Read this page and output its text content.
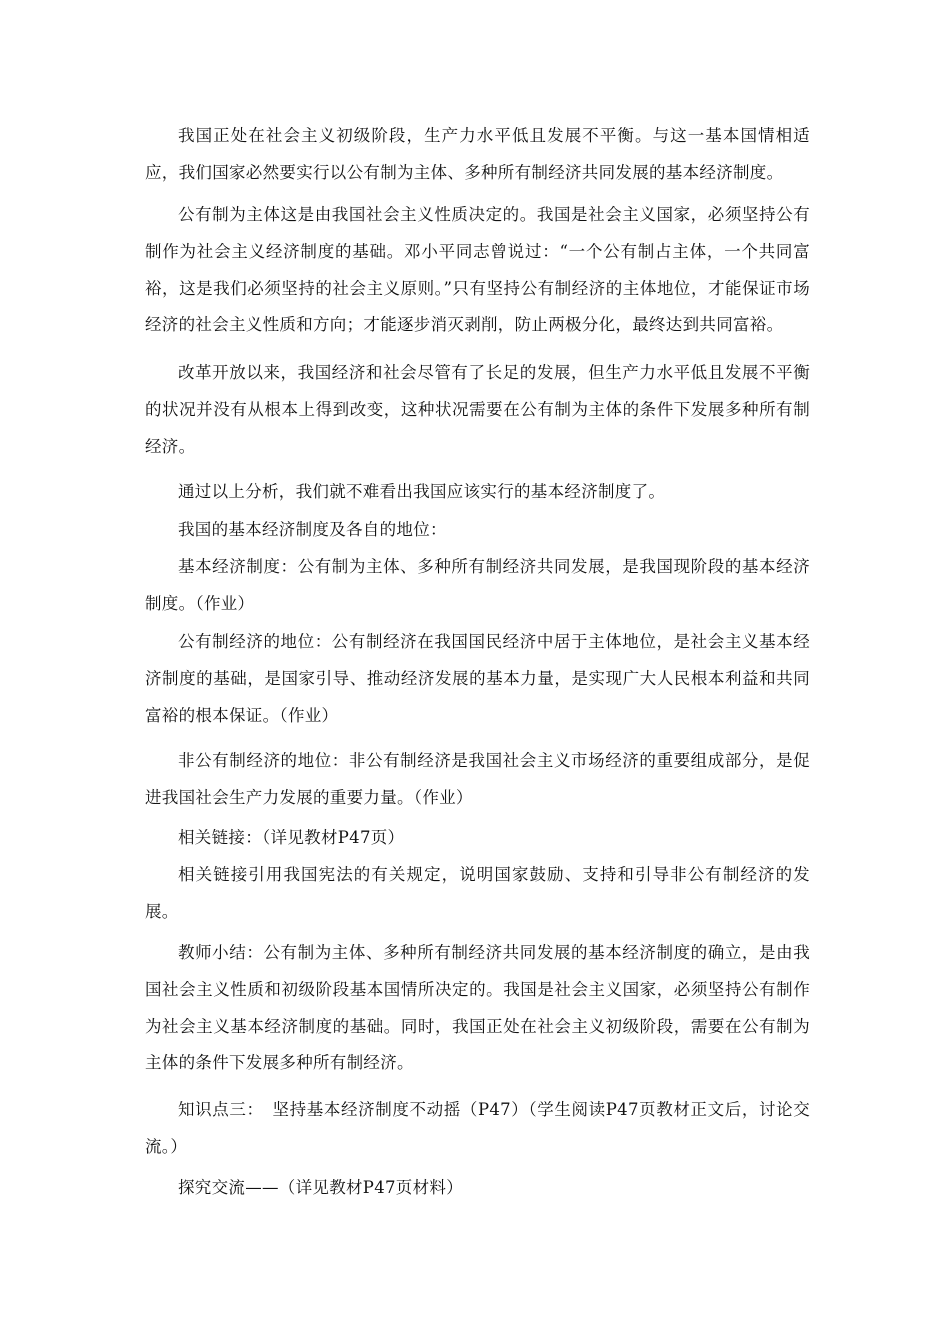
我国正处在社会主义初级阶段，生产力水平低且发展不平衡。与这一基本国情相适应，我们国家必然要实行以公有制为主体、多种所有制经济共同发展的基本经济制度。

公有制为主体这是由我国社会主义性质决定的。我国是社会主义国家，必须坚持公有制作为社会主义经济制度的基础。邓小平同志曾说过：“一个公有制占主体，一个共同富裕，这是我们必须坚持的社会主义原则。”只有坚持公有制经济的主体地位，才能保证市场经济的社会主义性质和方向；才能逐步消灭剥削，防止两极分化，最终达到共同富裕。

改革开放以来，我国经济和社会尽管有了长足的发展，但生产力水平低且发展不平衡的状况并没有从根本上得到改变，这种状况需要在公有制为主体的条件下发展多种所有制经济。

通过以上分析，我们就不难看出我国应该实行的基本经济制度了。

我国的基本经济制度及各自的地位：

基本经济制度：公有制为主体、多种所有制经济共同发展，是我国现阶段的基本经济制度。（作业）

公有制经济的地位：公有制经济在我国国民经济中居于主体地位，是社会主义基本经济制度的基础，是国家引导、推动经济发展的基本力量，是实现广大人民根本利益和共同富裕的根本保证。（作业）

非公有制经济的地位：非公有制经济是我国社会主义市场经济的重要组成部分，是促进我国社会生产力发展的重要力量。（作业）

相关链接：（详见教材P47页）

相关链接引用我国宪法的有关规定，说明国家鼓励、支持和引导非公有制经济的发展。

教师小结：公有制为主体、多种所有制经济共同发展的基本经济制度的确立，是由我国社会主义性质和初级阶段基本国情所决定的。我国是社会主义国家，必须坚持公有制作为社会主义基本经济制度的基础。同时，我国正处在社会主义初级阶段，需要在公有制为主体的条件下发展多种所有制经济。

知识点三：　坚持基本经济制度不动摇（P47）（学生阅读P47页教材正文后，讨论交流。）

探究交流——（详见教材P47页材料）
